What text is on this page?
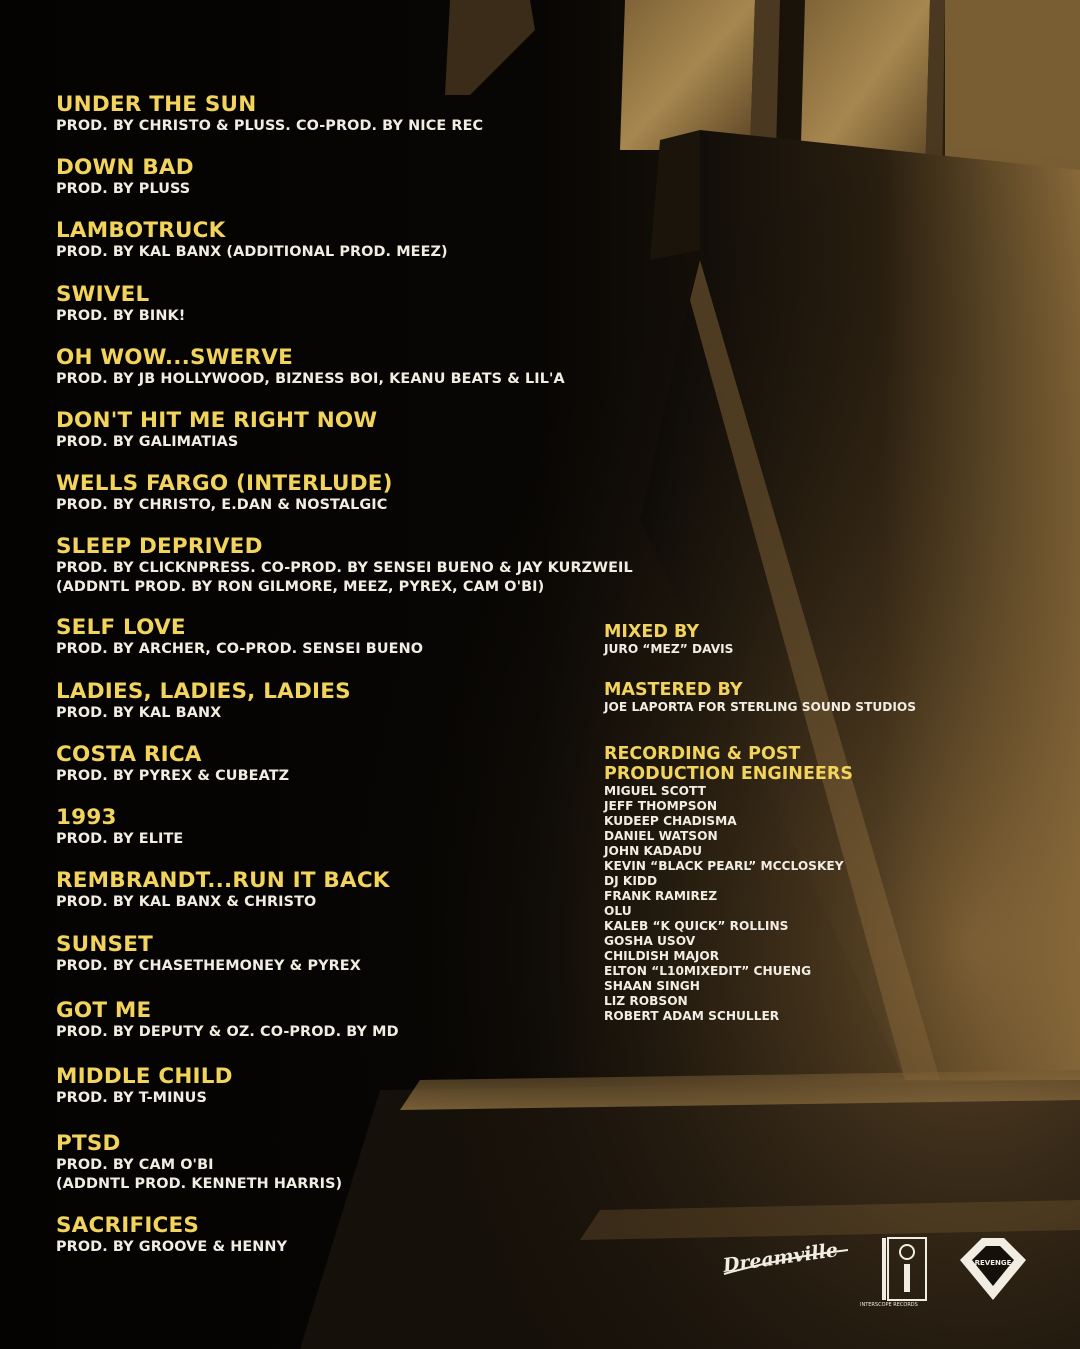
UNDER THE SUN
PROD. BY CHRISTO & PLUSS. CO-PROD. BY NICE REC
DOWN BAD
PROD. BY PLUSS
LAMBOTRUCK
PROD. BY KAL BANX (ADDITIONAL PROD. MEEZ)
SWIVEL
PROD. BY BINK!
OH WOW...SWERVE
PROD. BY JB HOLLYWOOD, BIZNESS BOI, KEANU BEATS & LIL'A
DON'T HIT ME RIGHT NOW
PROD. BY GALIMATIAS
WELLS FARGO (INTERLUDE)
PROD. BY CHRISTO, E.DAN & NOSTALGIC
SLEEP DEPRIVED
PROD. BY CLICKNPRESS. CO-PROD. BY SENSEI BUENO & JAY KURZWEIL
(ADDNTL PROD. BY RON GILMORE, MEEZ, PYREX, CAM O'BI)
SELF LOVE
PROD. BY ARCHER, CO-PROD. SENSEI BUENO
LADIES, LADIES, LADIES
PROD. BY KAL BANX
COSTA RICA
PROD. BY PYREX & CUBEATZ
1993
PROD. BY ELITE
REMBRANDT...RUN IT BACK
PROD. BY KAL BANX & CHRISTO
SUNSET
PROD. BY CHASETHEMONEY & PYREX
GOT ME
PROD. BY DEPUTY & OZ. CO-PROD. BY MD
MIDDLE CHILD
PROD. BY T-MINUS
PTSD
PROD. BY CAM O'BI
(ADDNTL PROD. KENNETH HARRIS)
SACRIFICES
PROD. BY GROOVE & HENNY
MIXED BY
JURO “MEZ” DAVIS
MASTERED BY
JOE LAPORTA FOR STERLING SOUND STUDIOS
RECORDING & POST
PRODUCTION ENGINEERS
MIGUEL SCOTT
JEFF THOMPSON
KUDEEP CHADISMA
DANIEL WATSON
JOHN KADADU
KEVIN “BLACK PEARL” MCCLOSKEY
DJ KIDD
FRANK RAMIREZ
OLU
KALEB “K QUICK” ROLLINS
GOSHA USOV
CHILDISH MAJOR
ELTON “L10MIXEDIT” CHUENG
SHAAN SINGH
LIZ ROBSON
ROBERT ADAM SCHULLER
Dreamville
INTERSCOPE RECORDS
REVENGE
